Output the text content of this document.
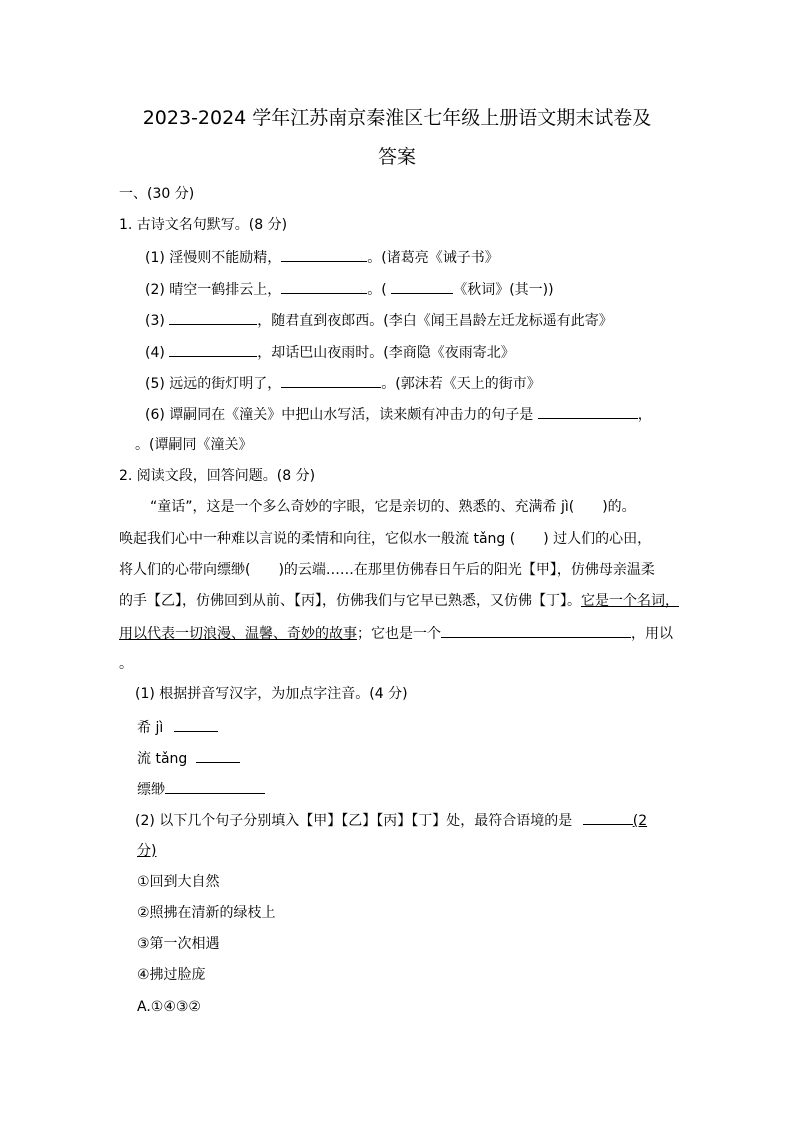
2023-2024 学年江苏南京秦淮区七年级上册语文期末试卷及
答案
一、(30 分)
1. 古诗文名句默写。(8 分)
(1) 淫慢则不能励精，	。(诸葛亮《诫子书》
(2) 晴空一鹤排云上，	。(	《秋词》(其一))
(3)	，随君直到夜郎西。(李白《闻王昌龄左迁龙标遥有此寄》
(4)	，却话巴山夜雨时。(李商隐《夜雨寄北》
(5) 远远的街灯明了，	。(郭沫若《天上的街市》
(6) 谭嗣同在《潼关》中把山水写活，读来颇有冲击力的句子是	，
。(谭嗣同《潼关》
2. 阅读文段，回答问题。(8 分)
“童话”，这是一个多么奇妙的字眼，它是亲切的、熟悉的、充满希 jì(　　)的。
唤起我们心中一种难以言说的柔情和向往，它似水一般流 tǎng (　　) 过人们的心田，
将人们的心带向缥缈(　　)的云端……在那里仿佛春日午后的阳光【甲】，仿佛母亲温柔
的手【乙】，仿佛回到从前、【丙】，仿佛我们与它早已熟悉，又仿佛【丁】。它是一个名词，
用以代表一切浪漫、温馨、奇妙的故事；它也是一个	，用以
。
(1) 根据拼音写汉字，为加点字注音。(4 分)
希 jì
流 tǎng
缥缈
(2) 以下几个句子分别填入【甲】【乙】【丙】【丁】处，最符合语境的是	(2
分)
①回到大自然
②照拂在清新的绿枝上
③第一次相遇
④拂过脸庞
A.①④③②
